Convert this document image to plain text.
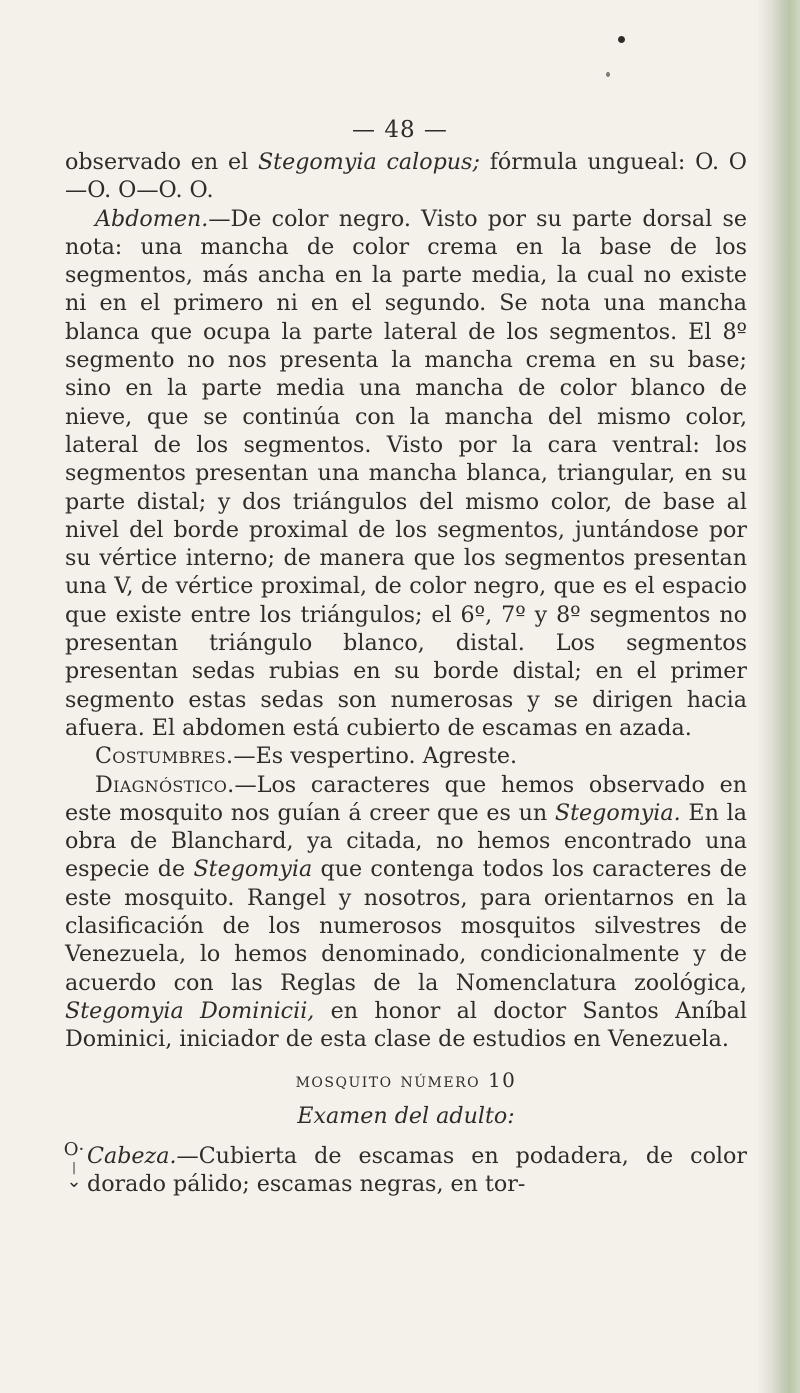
— 48 —

observado en el Stegomyia calopus; fórmula ungueal: O. O—O. O—O. O.

Abdomen.—De color negro. Visto por su parte dorsal se nota: una mancha de color crema en la base de los segmentos, más ancha en la parte media, la cual no existe ni en el primero ni en el segundo. Se nota una mancha blanca que ocupa la parte lateral de los segmentos. El 8º segmento no nos presenta la mancha crema en su base; sino en la parte media una mancha de color blanco de nieve, que se continúa con la mancha del mismo color, lateral de los segmentos. Visto por la cara ventral: los segmentos presentan una mancha blanca, triangular, en su parte distal; y dos triángulos del mismo color, de base al nivel del borde proximal de los segmentos, juntándose por su vértice interno; de manera que los segmentos presentan una V, de vértice proximal, de color negro, que es el espacio que existe entre los triángulos; el 6º, 7º y 8º segmentos no presentan triángulo blanco, distal. Los segmentos presentan sedas rubias en su borde distal; en el primer segmento estas sedas son numerosas y se dirigen hacia afuera. El abdomen está cubierto de escamas en azada.

Costumbres.—Es vespertino. Agreste.

Diagnóstico.—Los caracteres que hemos observado en este mosquito nos guían á creer que es un Stegomyia. En la obra de Blanchard, ya citada, no hemos encontrado una especie de Stegomyia que contenga todos los caracteres de este mosquito. Rangel y nosotros, para orientarnos en la clasificación de los numerosos mosquitos silvestres de Venezuela, lo hemos denominado, condicionalmente y de acuerdo con las Reglas de la Nomenclatura zoológica, Stegomyia Dominicii, en honor al doctor Santos Aníbal Dominici, iniciador de esta clase de estudios en Venezuela.

mosquito número 10
Examen del adulto:
O·
|
⌄

Cabeza.—Cubierta de escamas en podadera, de color dorado pálido; escamas negras, en tor-
